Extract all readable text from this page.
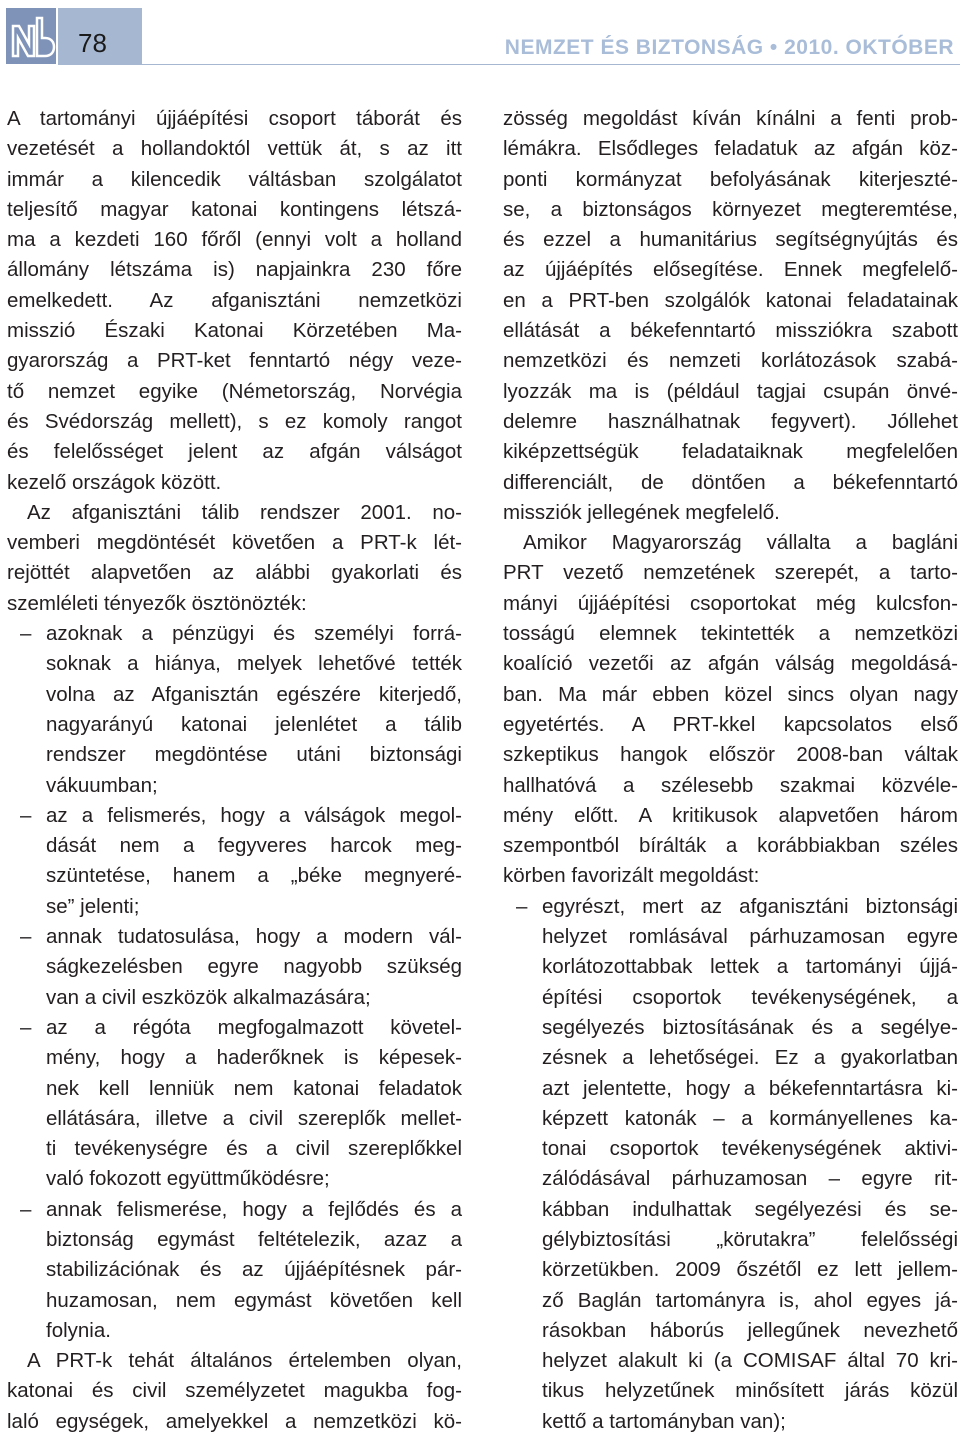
78	NEMZET ÉS BIZTONSÁG • 2010. OKTÓBER
A tartományi újjáépítési csoport táborát és
vezetését a hollandoktól vettük át, s az itt
immár a kilencedik váltásban szolgálatot
teljesítő magyar katonai kontingens létszá-
ma a kezdeti 160 főről (ennyi volt a holland
állomány létszáma is) napjainkra 230 főre
emelkedett. Az afganisztáni nemzetközi
misszió Északi Katonai Körzetében Ma-
gyarország a PRT-ket fenntartó négy veze-
tő nemzet egyike (Németország, Norvégia
és Svédország mellett), s ez komoly rangot
és felelősséget jelent az afgán válságot
kezelő országok között.
Az afganisztáni tálib rendszer 2001. no-
vemberi megdöntését követően a PRT-k lét-
rejöttét alapvetően az alábbi gyakorlati és
szemléleti tényezők ösztönözték:
– azoknak a pénzügyi és személyi forrá-
soknak a hiánya, melyek lehetővé tették
volna az Afganisztán egészére kiterjedő,
nagyarányú katonai jelenlétet a tálib
rendszer megdöntése utáni biztonsági
vákuumban;
– az a felismerés, hogy a válságok megol-
dását nem a fegyveres harcok meg-
szüntetése, hanem a „béke megnyeré-
se” jelenti;
– annak tudatosulása, hogy a modern vál-
ságkezelésben egyre nagyobb szükség
van a civil eszközök alkalmazására;
– az a régóta megfogalmazott követel-
mény, hogy a haderőknek is képesek-
nek kell lenniük nem katonai feladatok
ellátására, illetve a civil szereplők mellet-
ti tevékenységre és a civil szereplőkkel
való fokozott együttműködésre;
– annak felismerése, hogy a fejlődés és a
biztonság egymást feltételezik, azaz a
stabilizációnak és az újjáépítésnek pár-
huzamosan, nem egymást követően kell
folynia.
A PRT-k tehát általános értelemben olyan,
katonai és civil személyzetet magukba fog-
laló egységek, amelyekkel a nemzetközi kö-
zösség megoldást kíván kínálni a fenti prob-
lémákra. Elsődleges feladatuk az afgán köz-
ponti kormányzat befolyásának kiterjeszté-
se, a biztonságos környezet megteremtése,
és ezzel a humanitárius segítségnyújtás és
az újjáépítés elősegítése. Ennek megfelelő-
en a PRT-ben szolgálók katonai feladatainak
ellátását a békefenntartó missziókra szabott
nemzetközi és nemzeti korlátozások szabá-
lyozzák ma is (például tagjai csupán önvé-
delemre használhatnak fegyvert). Jóllehet
kiképzettségük feladataiknak megfelelően
differenciált, de döntően a békefenntartó
missziók jellegének megfelelő.
Amikor Magyarország vállalta a bagláni
PRT vezető nemzetének szerepét, a tarto-
mányi újjáépítési csoportokat még kulcsfon-
tosságú elemnek tekintették a nemzetközi
koalíció vezetői az afgán válság megoldásá-
ban. Ma már ebben közel sincs olyan nagy
egyetértés. A PRT-kkel kapcsolatos első
szkeptikus hangok először 2008-ban váltak
hallhatóvá a szélesebb szakmai közvéle-
mény előtt. A kritikusok alapvetően három
szempontból bírálták a korábbiakban széles
körben favorizált megoldást:
– egyrészt, mert az afganisztáni biztonsági
helyzet romlásával párhuzamosan egyre
korlátozottabbak lettek a tartományi újjá-
építési csoportok tevékenységének, a
segélyezés biztosításának és a segélye-
zésnek a lehetőségei. Ez a gyakorlatban
azt jelentette, hogy a békefenntartásra ki-
képzett katonák – a kormányellenes ka-
tonai csoportok tevékenységének aktivi-
zálódásával párhuzamosan – egyre rit-
kábban indulhattak segélyezési és se-
gélybiztosítási „körutakra” felelősségi
körzetükben. 2009 őszétől ez lett jellem-
ző Baglán tartományra is, ahol egyes já-
rásokban háborús jellegűnek nevezhető
helyzet alakult ki (a COMISAF által 70 kri-
tikus helyzetűnek minősített járás közül
kettő a tartományban van);
